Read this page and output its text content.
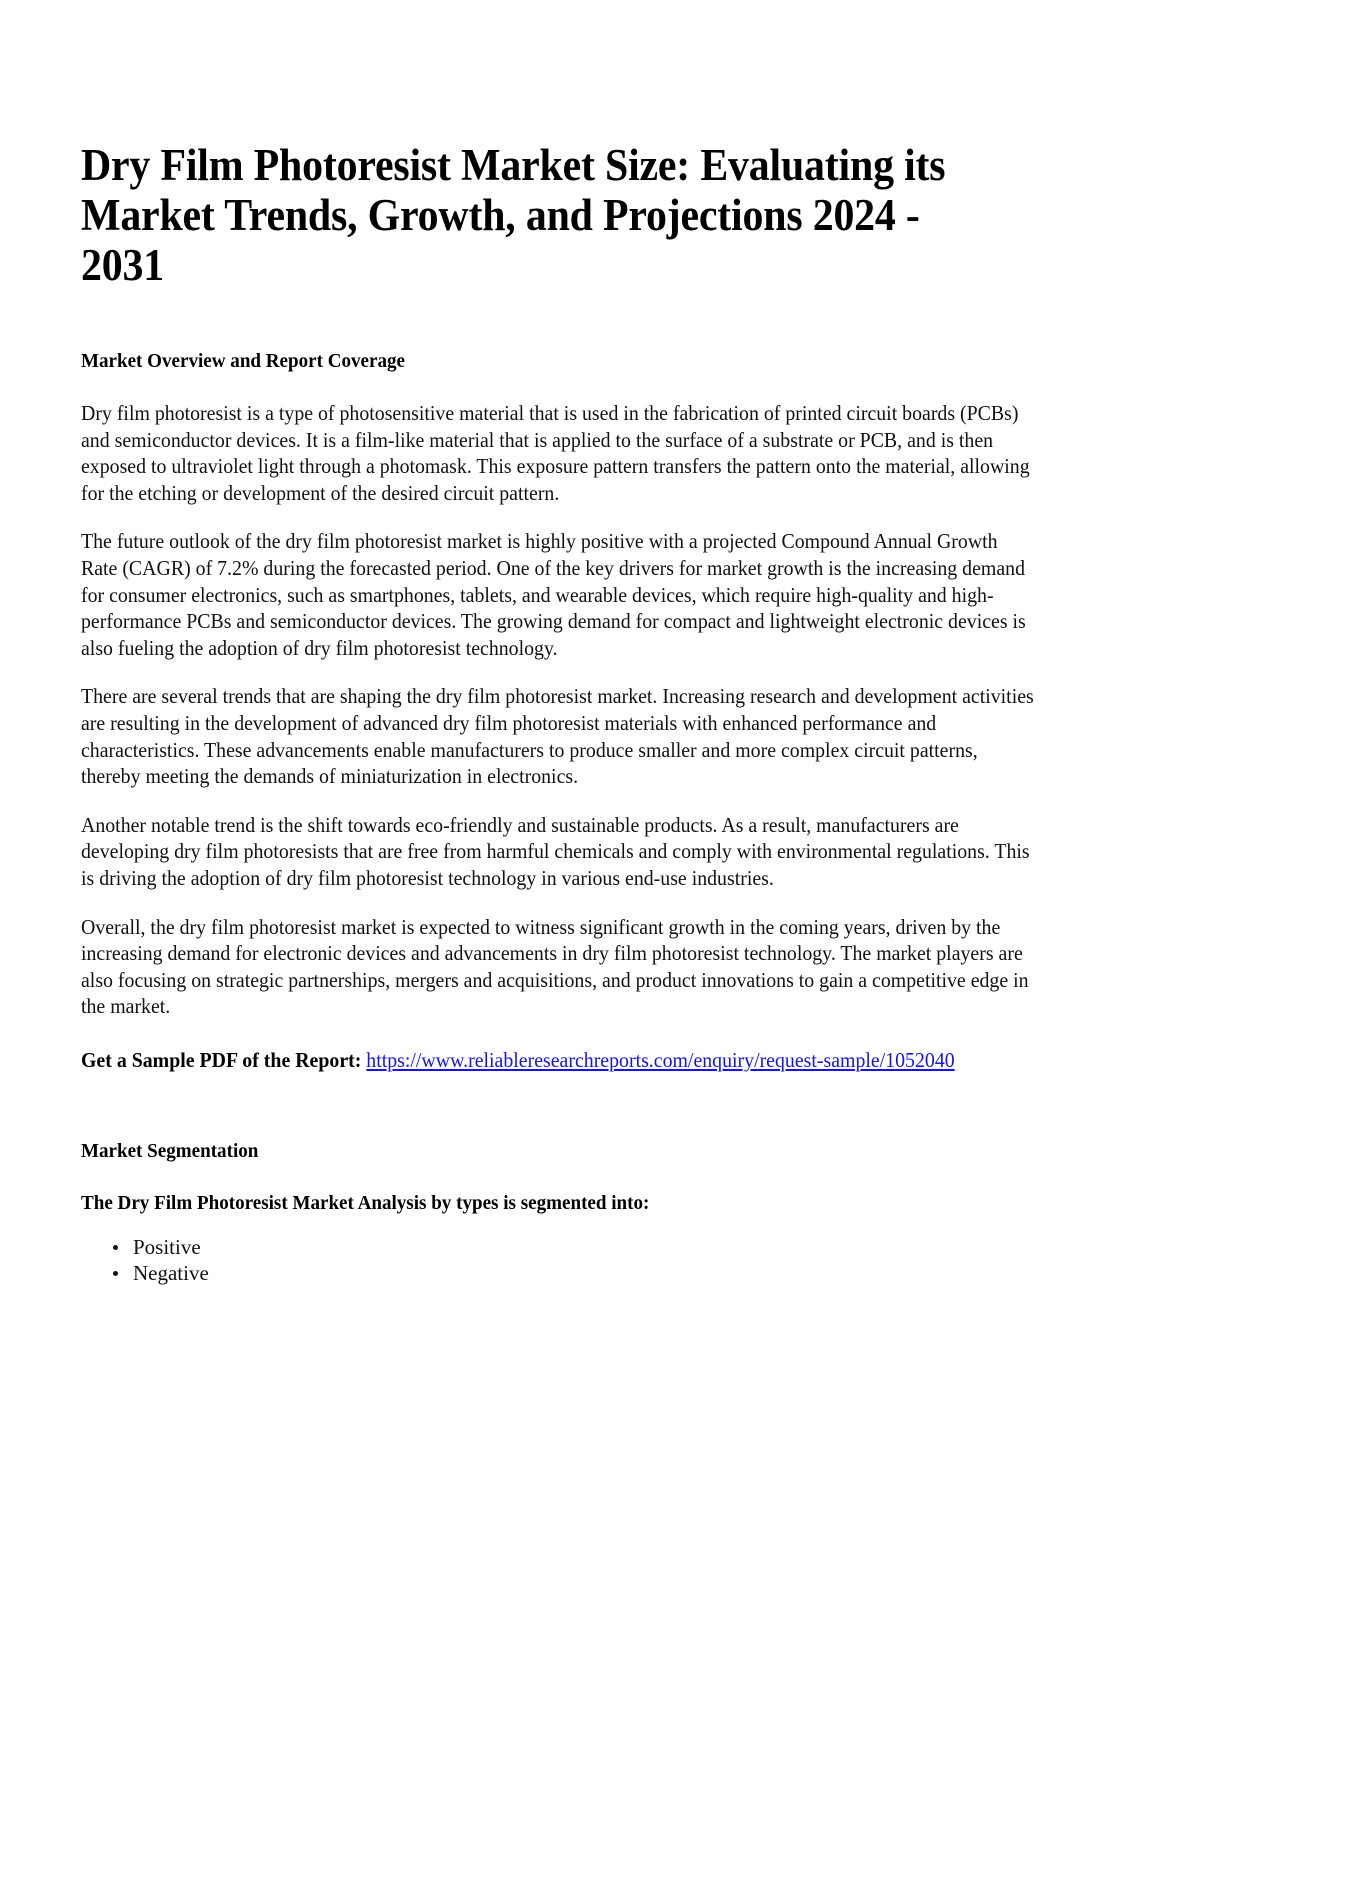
Dry Film Photoresist Market Size: Evaluating its Market Trends, Growth, and Projections 2024 - 2031
Market Overview and Report Coverage

Dry film photoresist is a type of photosensitive material that is used in the fabrication of printed circuit boards (PCBs) and semiconductor devices. It is a film-like material that is applied to the surface of a substrate or PCB, and is then exposed to ultraviolet light through a photomask. This exposure pattern transfers the pattern onto the material, allowing for the etching or development of the desired circuit pattern.

The future outlook of the dry film photoresist market is highly positive with a projected Compound Annual Growth Rate (CAGR) of 7.2% during the forecasted period. One of the key drivers for market growth is the increasing demand for consumer electronics, such as smartphones, tablets, and wearable devices, which require high-quality and high-performance PCBs and semiconductor devices. The growing demand for compact and lightweight electronic devices is also fueling the adoption of dry film photoresist technology.

There are several trends that are shaping the dry film photoresist market. Increasing research and development activities are resulting in the development of advanced dry film photoresist materials with enhanced performance and characteristics. These advancements enable manufacturers to produce smaller and more complex circuit patterns, thereby meeting the demands of miniaturization in electronics.

Another notable trend is the shift towards eco-friendly and sustainable products. As a result, manufacturers are developing dry film photoresists that are free from harmful chemicals and comply with environmental regulations. This is driving the adoption of dry film photoresist technology in various end-use industries.

Overall, the dry film photoresist market is expected to witness significant growth in the coming years, driven by the increasing demand for electronic devices and advancements in dry film photoresist technology. The market players are also focusing on strategic partnerships, mergers and acquisitions, and product innovations to gain a competitive edge in the market.

Get a Sample PDF of the Report: https://www.reliableresearchreports.com/enquiry/request-sample/1052040

Market Segmentation
The Dry Film Photoresist Market Analysis by types is segmented into:
Positive
Negative
